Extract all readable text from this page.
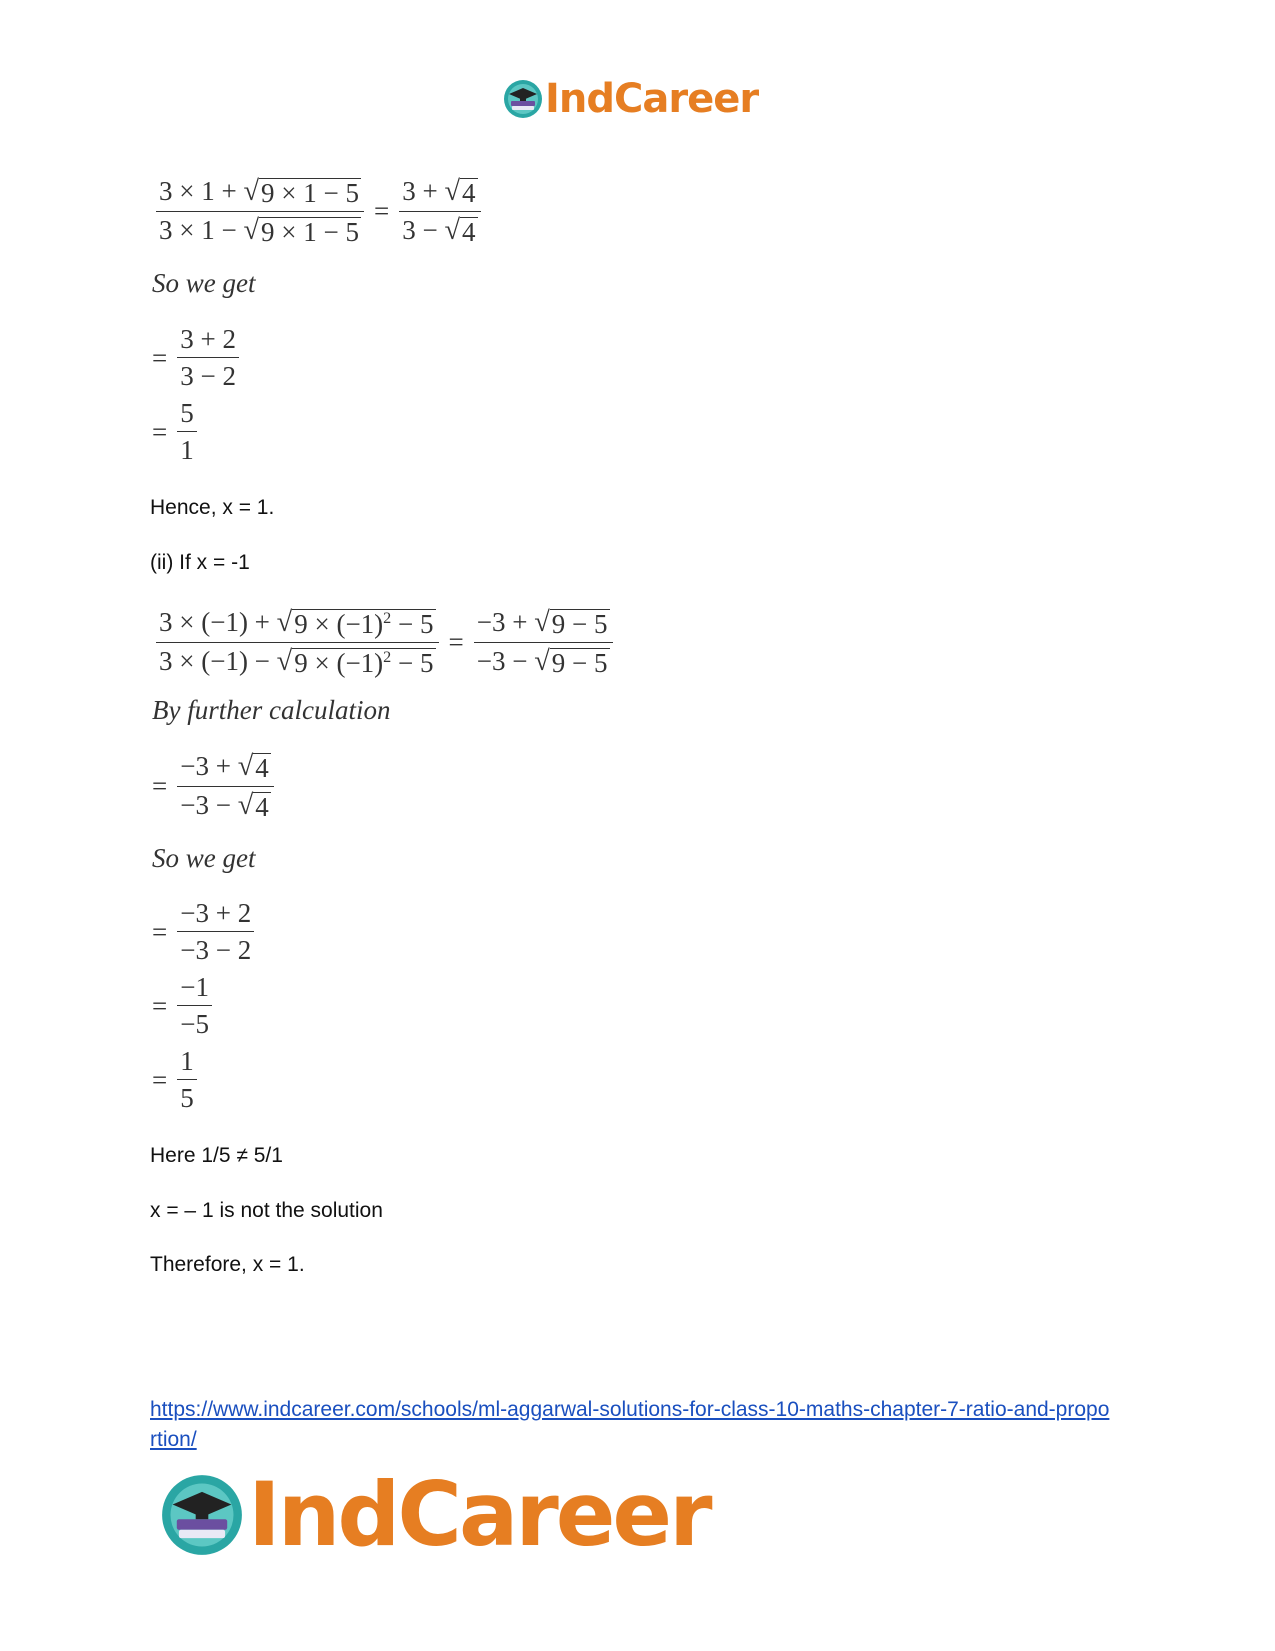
IndCareer
$\frac{3 \times 1 + √ 9 \times 1 - 5}{3 \times 1 - √ 9 \times 1 - 5} = \frac{3 + √ 4}{3 - √ 4}$
So we get
= $\frac{3 + 2}{3 - 2}$
= $\frac{5}{1}$
Hence, x = 1.
(ii) If x = -1
$\frac{3 \times (-1) + √ 9 \times (-1)^2 - 5}{3 \times (-1) - √ 9 \times (-1)^2 - 5} = \frac{-3 + √ 9 - 5}{-3 - √ 9 - 5}$
By further calculation
= $\frac{-3 + √ 4}{-3 - √ 4}$
So we get
= $\frac{-3 + 2}{-3 - 2}$
= $\frac{-1}{-5}$
= $\frac{1}{5}$
Here 1/5 ≠ 5/1
x = – 1 is not the solution
Therefore, x = 1.
https://www.indcareer.com/schools/ml-aggarwal-solutions-for-class-10-maths-chapter-7-ratio-and-proportion/
IndCareer
